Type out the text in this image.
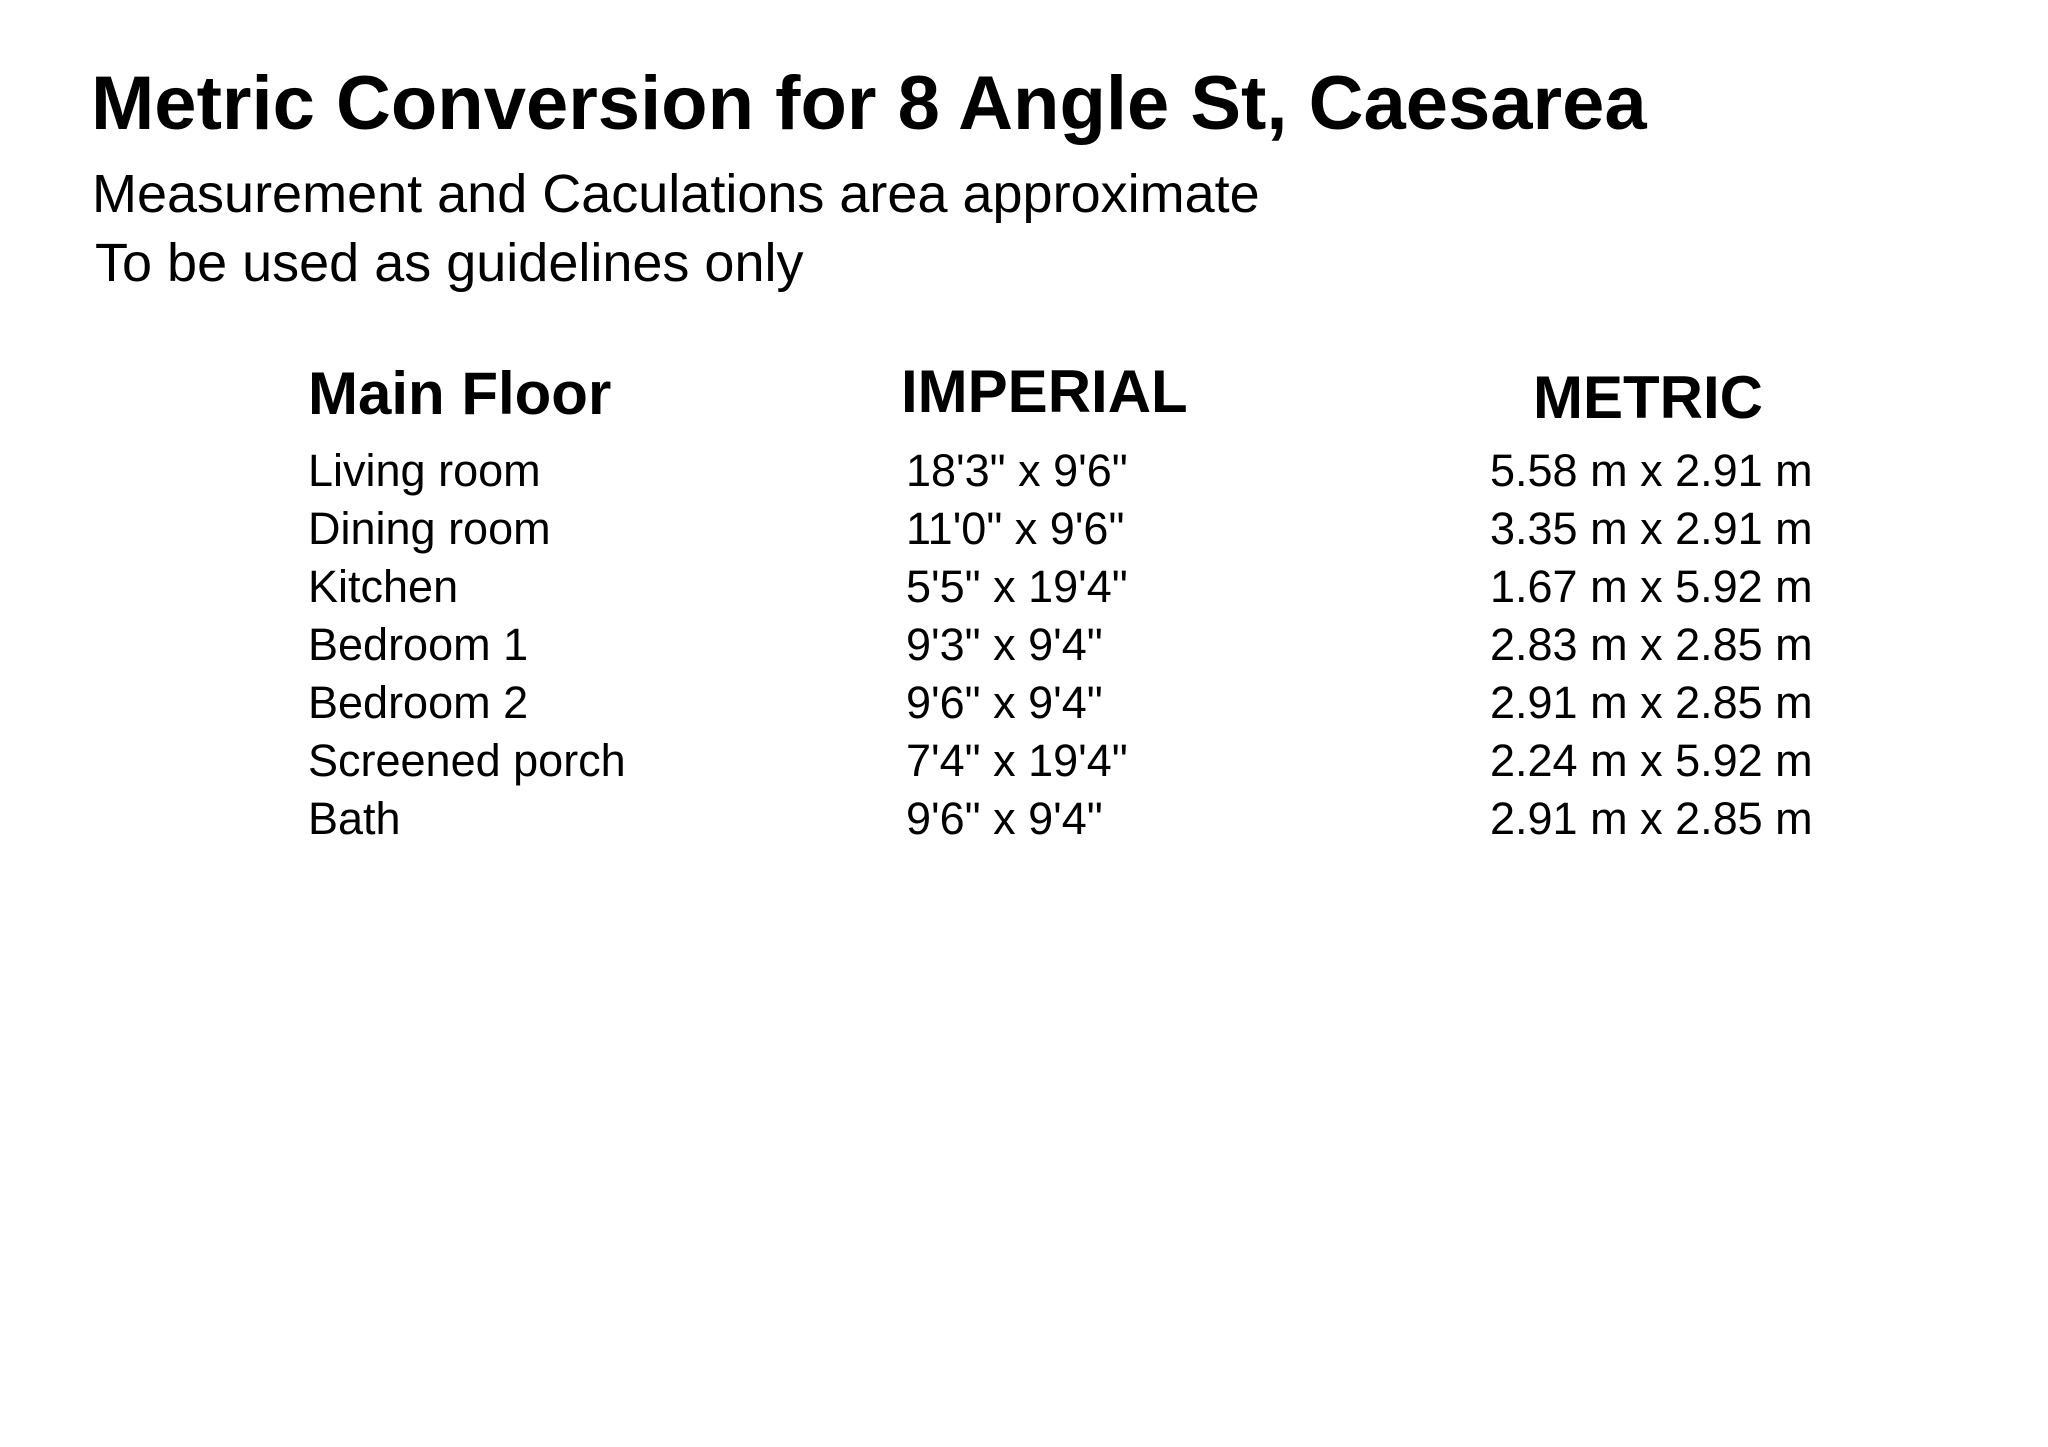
Metric Conversion for 8 Angle St, Caesarea
Measurement and Caculations area approximate
To be used as guidelines only
Main Floor	IMPERIAL	METRIC
Living room	18'3" x 9'6"	5.58 m x 2.91 m
Dining room	11'0" x 9'6"	3.35 m x 2.91 m
Kitchen	5'5" x 19'4"	1.67 m x 5.92 m
Bedroom 1	9'3" x 9'4"	2.83 m x 2.85 m
Bedroom 2	9'6" x 9'4"	2.91 m x 2.85 m
Screened porch	7'4" x 19'4"	2.24 m x 5.92 m
Bath	9'6" x 9'4"	2.91 m x 2.85 m
